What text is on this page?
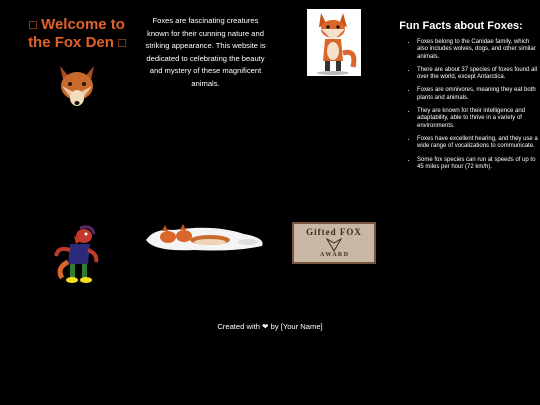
□ Welcome to
the Fox Den □
Foxes are fascinating creatures known for their cunning nature and striking appearance. This website is dedicated to celebrating the beauty and mystery of these magnificent animals.
Fun Facts about Foxes:
• Foxes belong to the Canidae family, which also includes wolves, dogs, and other similar animals.
• There are about 37 species of foxes found all over the world, except Antarctica.
• Foxes are omnivores, meaning they eat both plants and animals.
• They are known for their intelligence and adaptability, able to thrive in a variety of environments.
• Foxes have excellent hearing, and they use a wide range of vocalizations to communicate.
• Some fox species can run at speeds of up to 45 miles per hour (72 km/h).
Gifted FOX
A W A R D
Created with ❤ by [Your Name]
